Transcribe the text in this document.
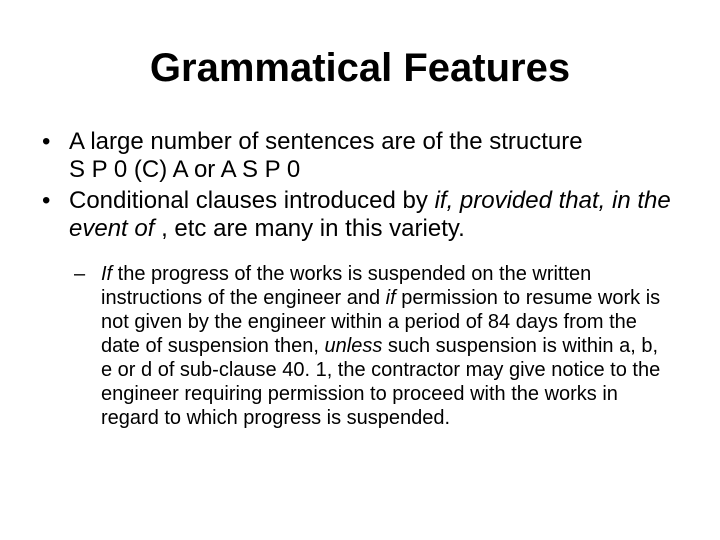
Grammatical Features
• A large number of sentences are of the structure
S P 0 (C) A or A S P 0
• Conditional clauses introduced by if, provided that, in the event of , etc are many in this variety.
– If the progress of the works is suspended on the written instructions of the engineer and if permission to resume work is not given by the engineer within a period of 84 days from the date of suspension then, unless such suspension is within a, b, e or d of sub-clause 40. 1, the contractor may give notice to the engineer requiring permission to proceed with the works in regard to which progress is suspended.
